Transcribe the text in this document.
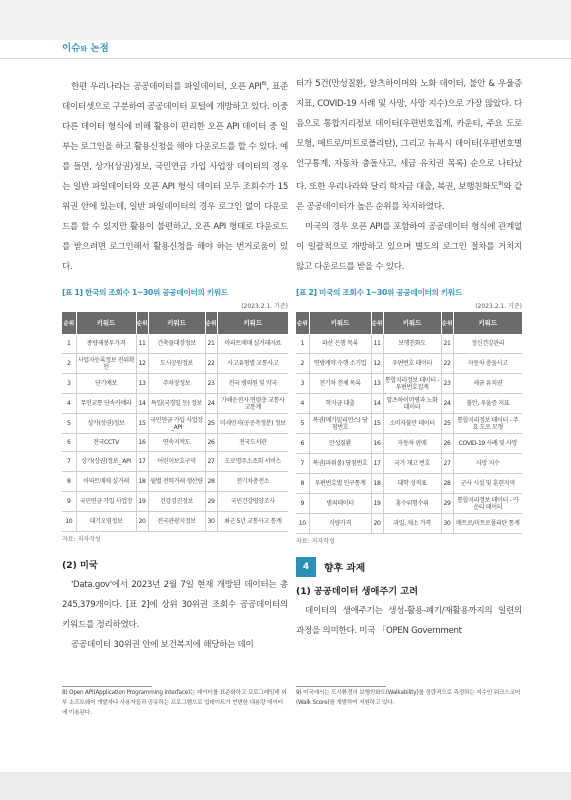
이슈와 논점

한편 우리나라는 공공데이터를 파일데이터, 오픈 API$^{8)}$, 표준데이터셋으로 구분하여 공공데이터 포털에 개방하고 있다. 이중 다른 데이터 형식에 비해 활용이 편리한 오픈 API 데이터 중 일부는 로그인을 하고 활용신청을 해야 다운로드를 할 수 있다. 예를 들면, 상가(상권)정보, 국민연금 가입 사업장 데이터의 경우는 일반 파일데이터와 오픈 API 형식 데이터 모두 조회수가 15위권 안에 있는데, 일반 파일데이터의 경우 로그인 없이 다운로드를 할 수 있지만 활용이 불편하고, 오픈 API 형태로 다운로드를 받으려면 로그인해서 활용신청을 해야 하는 번거로움이 있다.

[표 1] 한국의 조회수 1~30위 공공데이터의 키워드
(2023.2.1. 기준)
순위	키워드	순위	키워드	순위	키워드
1	종량제봉투가격	11	건축물대장정보	21	아파트매매 실거래자료
2	사업자등록정보 진위확인	12	도시공원정보	22	사고유형별 교통사고
3	단기예보	13	주차장정보	23	전국 병의원 및 약국
4	무인교통 단속카메라	14	특일(국경일 등) 정보	24	가해운전자 연령층 교통사고통계
5	상가(상권)정보	15	국민연금 가입 사업장_API	25	미세먼지(공공측정분) 정보
6	전국CCTV	16	연속지적도	26	전국도서관
7	상가(상권)정보_ API	17	어린이보호구역	27	도로명주소조회 서비스
8	아파트매매 실거래	18	월별 전력거래 생산량	28	전기차충전소
9	국민연금 가입 사업장	19	건강검진정보	29	국민건강영양조사
10	대기오염정보	20	전국관광지정보	30	최근 5년 교통사고 통계
자료: 저자작성
(2) 미국

'Data.gov'에서 2023년 2월 7일 현재 개방된 데이터는 총 245,379개이다. [표 2]에 상위 30위권 조회수 공공데이터의 키워드를 정리하였다.

공공데이터 30위권 안에 보건복지에 해당하는 데이

터가 5건(만성질환, 알츠하이머와 노화 데이터, 불안 & 우울증 지표, COVID-19 사례 및 사망, 사망 지수)으로 가장 많았다. 다음으로 통합지리정보 데이터(우편번호집계, 카운티, 주요 도로 모형, 메트로/미트로폴리탄), 그리고 뉴욕시 데이터(우편번호별 인구통계, 자동차 충돌사고, 세금 유치권 목록) 순으로 나타났다. 또한 우리나라와 달리 학자금 대출, 복권, 보행친화도$^{9)}$와 같은 공공데이터가 높은 순위를 차지하였다.

미국의 경우 오픈 API를 포함하여 공공데이터 형식에 관계없이 일괄적으로 개방하고 있으며 별도의 로그인 절차를 거치지 않고 다운로드를 받을 수 있다.

[표 2] 미국의 조회수 1~30위 공공데이터의 키워드
(2023.2.1. 기준)
순위	키워드	순위	키워드	순위	키워드
1	파산 은행 목록	11	보행친화도	21	정신건강관리
2	연방계약 수행 소기업	12	우편번호 데이터	22	자동차 충돌사고
3	전기차 전체 목록	13	통합지리정보 데이터 - 우편번호집계	23	세금 유치권
4	학자금 대출	14	알츠하이머병과 노화데이터	24	불안, 우울증 지표
5	복권(메가밀리언스) 당첨번호	15	소비자불만 데이터	25	통합지리정보 데이터 - 주요 도로 모형
6	만성질환	16	자동차 판매	26	COVID-19 사례 및 사망
7	복권(파워볼) 당첨번호	17	국가 재고 번호	27	사망 지수
8	우편번호별 인구통계	18	대학 성적표	28	군사 시설 및 훈련지역
9	범죄데이터	19	홍수위험수위	29	통합지리정보 데이터 - 카운티 데이터
10	식량가격	20	과일, 채소 가격	30	메트로/미트로폴리탄 통계
자료: 저자작성
4	향후 과제
(1) 공공데이터 생애주기 고려

데이터의 생애주기는 생성-활용-폐기/재활용까지의 일련의 과정을 의미한다. 미국 「OPEN Government

8) Open API(Application Programming Interface)는 데이터를 표준화하고 프로그래밍해 외부 소프트웨어 개발자나 사용자들과 공유하는 프로그램으로 업데이트가 빈번한 대용량 데이터에 이용된다.
9) 미국에서는 도시환경의 보행친화도(Walkability)를 정량적으로 측정하는 지수인 워크스코어(Walk Score)를 개발하여 지원하고 있다.
